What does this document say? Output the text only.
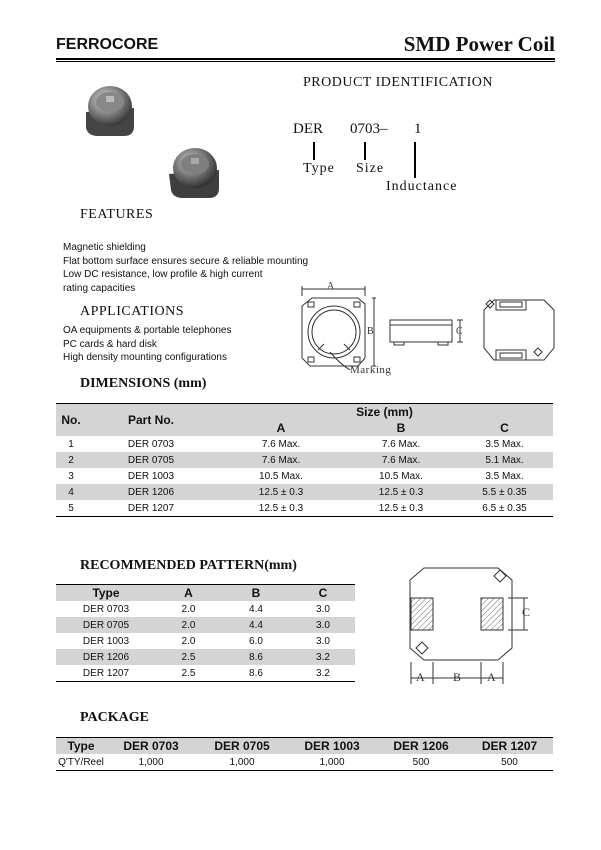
FERROCORE	SMD Power Coil
PRODUCT IDENTIFICATION
DER 0703– 1
Type Size
Inductance
FEATURES
Magnetic shielding
Flat bottom surface ensures secure & reliable mounting
Low DC resistance, low profile & high current
rating capacities
APPLICATIONS
OA equipments & portable telephones
PC cards & hard disk
High density mounting configurations
A
B	C
Marking
DIMENSIONS (mm)
No.	Part No.	Size (mm)		
		A	B	C
1	DER 0703	7.6 Max.	7.6 Max.	3.5 Max.
2	DER 0705	7.6 Max.	7.6 Max.	5.1 Max.
3	DER 1003	10.5 Max.	10.5 Max.	3.5 Max.
4	DER 1206	12.5 ± 0.3	12.5 ± 0.3	5.5 ± 0.35
5	DER 1207	12.5 ± 0.3	12.5 ± 0.3	6.5 ± 0.35
RECOMMENDED PATTERN(mm)
Type	A	B	C
DER 0703	2.0	4.4	3.0
DER 0705	2.0	4.4	3.0
DER 1003	2.0	6.0	3.0
DER 1206	2.5	8.6	3.2
DER 1207	2.5	8.6	3.2
C
A B A
PACKAGE
Type	DER 0703	DER 0705	DER 1003	DER 1206	DER 1207
Q'TY/Reel	1,000	1,000	1,000	500	500
